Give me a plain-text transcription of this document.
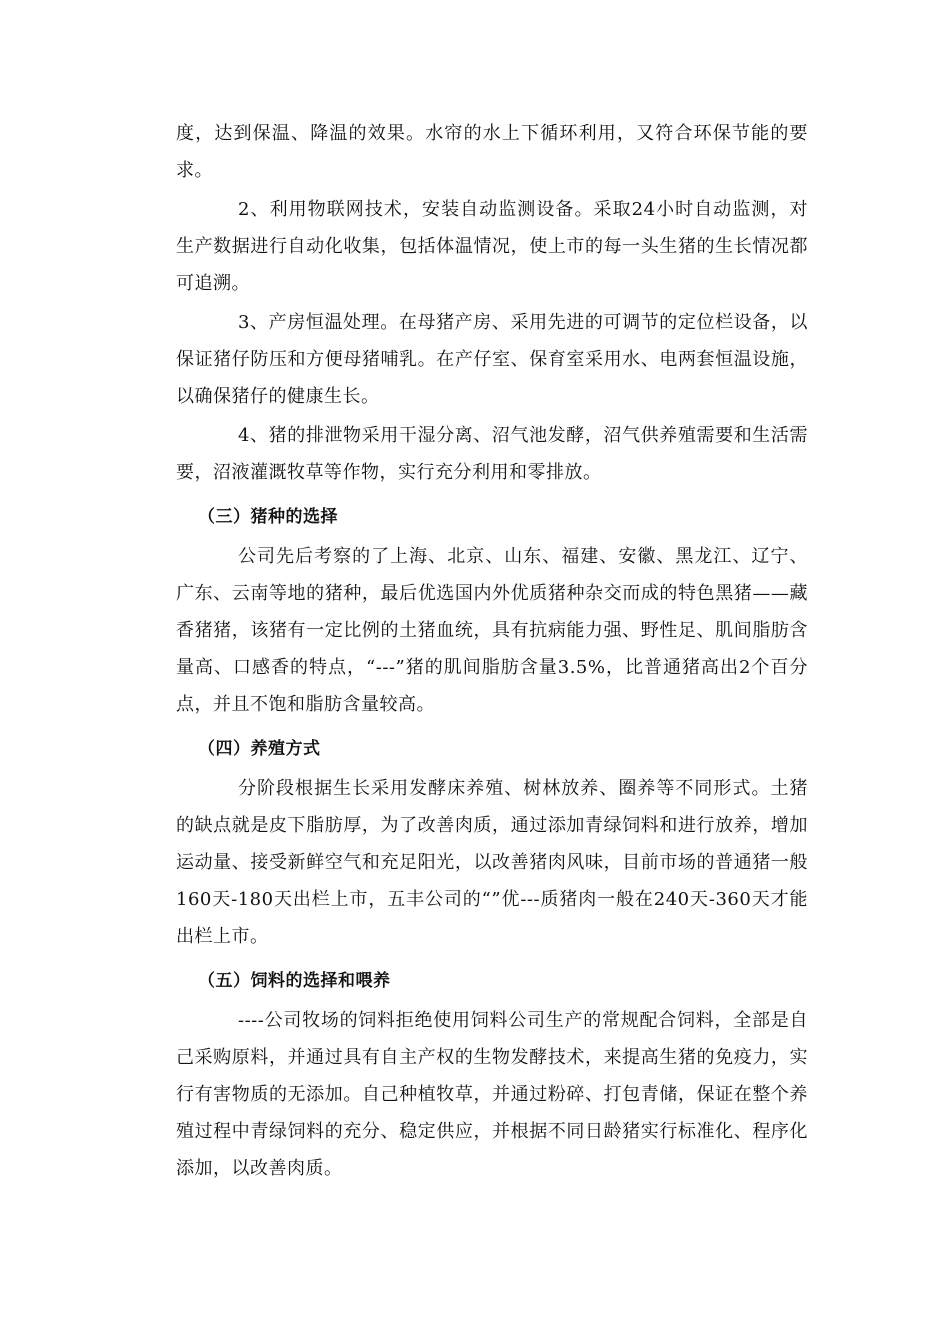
度，达到保温、降温的效果。水帘的水上下循环利用，又符合环保节能的要求。

2、利用物联网技术，安装自动监测设备。采取24小时自动监测，对生产数据进行自动化收集，包括体温情况，使上市的每一头生猪的生长情况都可追溯。

3、产房恒温处理。在母猪产房、采用先进的可调节的定位栏设备，以保证猪仔防压和方便母猪哺乳。在产仔室、保育室采用水、电两套恒温设施，以确保猪仔的健康生长。

4、猪的排泄物采用干湿分离、沼气池发酵，沼气供养殖需要和生活需要，沼液灌溉牧草等作物，实行充分利用和零排放。

（三）猪种的选择

公司先后考察的了上海、北京、山东、福建、安徽、黑龙江、辽宁、广东、云南等地的猪种，最后优选国内外优质猪种杂交而成的特色黑猪——藏香猪猪，该猪有一定比例的土猪血统，具有抗病能力强、野性足、肌间脂肪含量高、口感香的特点，“---”猪的肌间脂肪含量3.5%，比普通猪高出2个百分点，并且不饱和脂肪含量较高。

（四）养殖方式

分阶段根据生长采用发酵床养殖、树林放养、圈养等不同形式。土猪的缺点就是皮下脂肪厚，为了改善肉质，通过添加青绿饲料和进行放养，增加运动量、接受新鲜空气和充足阳光，以改善猪肉风味，目前市场的普通猪一般160天-180天出栏上市，五丰公司的“”优---质猪肉一般在240天-360天才能出栏上市。

（五）饲料的选择和喂养

----公司牧场的饲料拒绝使用饲料公司生产的常规配合饲料，全部是自己采购原料，并通过具有自主产权的生物发酵技术，来提高生猪的免疫力，实行有害物质的无添加。自己种植牧草，并通过粉碎、打包青储，保证在整个养殖过程中青绿饲料的充分、稳定供应，并根据不同日龄猪实行标准化、程序化添加，以改善肉质。
